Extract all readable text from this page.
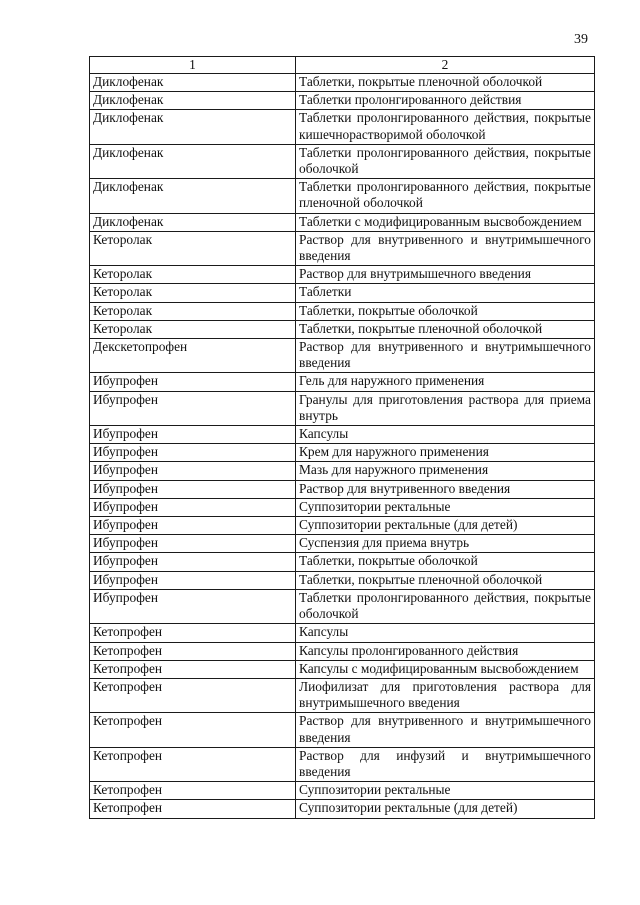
39
1	2
Диклофенак	Таблетки, покрытые пленочной оболочкой
Диклофенак	Таблетки пролонгированного действия
Диклофенак	Таблетки пролонгированного действия, покрытые кишечнорастворимой оболочкой
Диклофенак	Таблетки пролонгированного действия, покрытые оболочкой
Диклофенак	Таблетки пролонгированного действия, покрытые пленочной оболочкой
Диклофенак	Таблетки с модифицированным высвобождением
Кеторолак	Раствор для внутривенного и внутримышечного введения
Кеторолак	Раствор для внутримышечного введения
Кеторолак	Таблетки
Кеторолак	Таблетки, покрытые оболочкой
Кеторолак	Таблетки, покрытые пленочной оболочкой
Декскетопрофен	Раствор для внутривенного и внутримышечного введения
Ибупрофен	Гель для наружного применения
Ибупрофен	Гранулы для приготовления раствора для приема внутрь
Ибупрофен	Капсулы
Ибупрофен	Крем для наружного применения
Ибупрофен	Мазь для наружного применения
Ибупрофен	Раствор для внутривенного введения
Ибупрофен	Суппозитории ректальные
Ибупрофен	Суппозитории ректальные (для детей)
Ибупрофен	Суспензия для приема внутрь
Ибупрофен	Таблетки, покрытые оболочкой
Ибупрофен	Таблетки, покрытые пленочной оболочкой
Ибупрофен	Таблетки пролонгированного действия, покрытые оболочкой
Кетопрофен	Капсулы
Кетопрофен	Капсулы пролонгированного действия
Кетопрофен	Капсулы с модифицированным высвобождением
Кетопрофен	Лиофилизат для приготовления раствора для внутримышечного введения
Кетопрофен	Раствор для внутривенного и внутримышечного введения
Кетопрофен	Раствор для инфузий и внутримышечного введения
Кетопрофен	Суппозитории ректальные
Кетопрофен	Суппозитории ректальные (для детей)
